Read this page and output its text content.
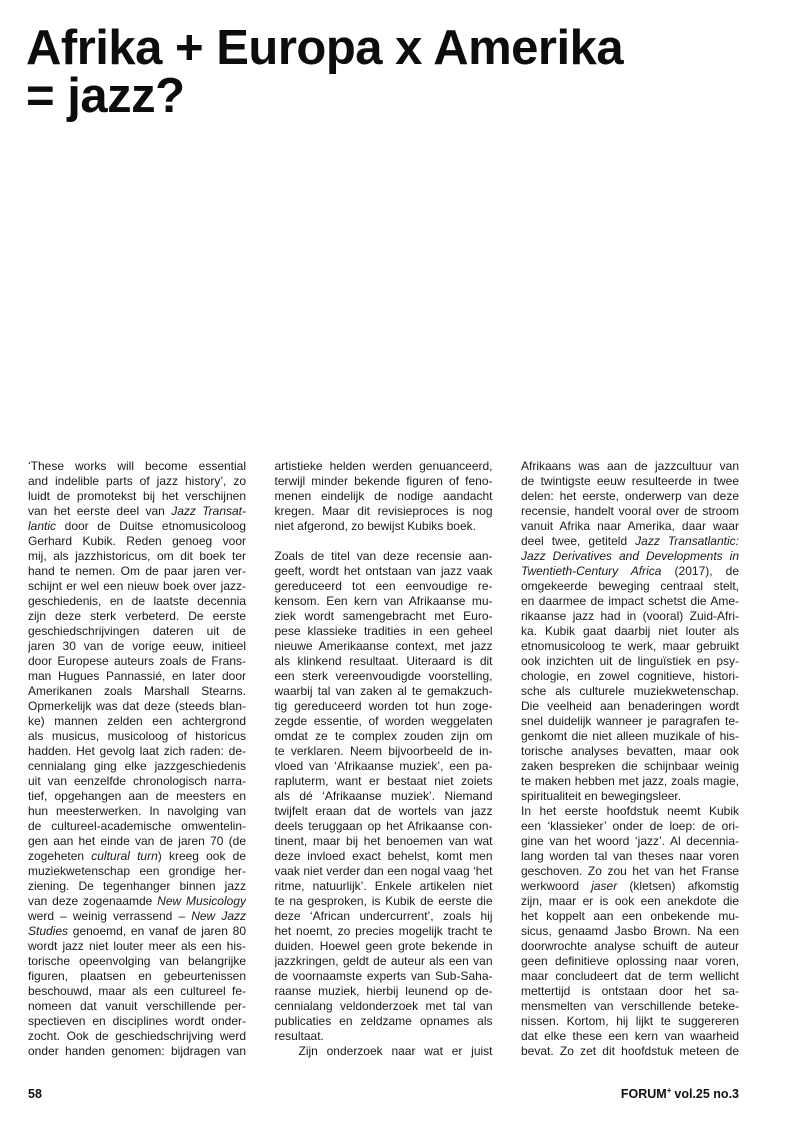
Afrika + Europa x Amerika
= jazz?
‘These works will become essential
and indelible parts of jazz history’, zo
luidt de promotekst bij het verschijnen
van het eerste deel van Jazz Transat-
lantic door de Duitse etnomusicoloog
Gerhard Kubik. Reden genoeg voor
mij, als jazzhistoricus, om dit boek ter
hand te nemen. Om de paar jaren ver-
schijnt er wel een nieuw boek over jazz-
geschiedenis, en de laatste decennia
zijn deze sterk verbeterd. De eerste
geschiedschrijvingen dateren uit de
jaren 30 van de vorige eeuw, initieel
door Europese auteurs zoals de Frans-
man Hugues Pannassié, en later door
Amerikanen zoals Marshall Stearns.
Opmerkelijk was dat deze (steeds blan-
ke) mannen zelden een achtergrond
als musicus, musicoloog of historicus
hadden. Het gevolg laat zich raden: de-
cennialang ging elke jazzgeschiedenis
uit van eenzelfde chronologisch narra-
tief, opgehangen aan de meesters en
hun meesterwerken. In navolging van
de cultureel-academische omwentelin-
gen aan het einde van de jaren 70 (de
zogeheten cultural turn) kreeg ook de
muziekwetenschap een grondige her-
ziening. De tegenhanger binnen jazz
van deze zogenaamde New Musicology
werd – weinig verrassend – New Jazz
Studies genoemd, en vanaf de jaren 80
wordt jazz niet louter meer als een his-
torische opeenvolging van belangrijke
figuren, plaatsen en gebeurtenissen
beschouwd, maar als een cultureel fe-
nomeen dat vanuit verschillende per-
spectieven en disciplines wordt onder-
zocht. Ook de geschiedschrijving werd
onder handen genomen: bijdragen van
artistieke helden werden genuanceerd,
terwijl minder bekende figuren of feno-
menen eindelijk de nodige aandacht
kregen. Maar dit revisieproces is nog
niet afgerond, zo bewijst Kubiks boek.
Zoals de titel van deze recensie aan-
geeft, wordt het ontstaan van jazz vaak
gereduceerd tot een eenvoudige re-
kensom. Een kern van Afrikaanse mu-
ziek wordt samengebracht met Euro-
pese klassieke tradities in een geheel
nieuwe Amerikaanse context, met jazz
als klinkend resultaat. Uiteraard is dit
een sterk vereenvoudigde voorstelling,
waarbij tal van zaken al te gemakzuch-
tig gereduceerd worden tot hun zoge-
zegde essentie, of worden weggelaten
omdat ze te complex zouden zijn om
te verklaren. Neem bijvoorbeeld de in-
vloed van ‘Afrikaanse muziek’, een pa-
rapluterm, want er bestaat niet zoiets
als dé ‘Afrikaanse muziek’. Niemand
twijfelt eraan dat de wortels van jazz
deels teruggaan op het Afrikaanse con-
tinent, maar bij het benoemen van wat
deze invloed exact behelst, komt men
vaak niet verder dan een nogal vaag ‘het
ritme, natuurlijk’. Enkele artikelen niet
te na gesproken, is Kubik de eerste die
deze ‘African undercurrent’, zoals hij
het noemt, zo precies mogelijk tracht te
duiden. Hoewel geen grote bekende in
jazzkringen, geldt de auteur als een van
de voornaamste experts van Sub-Saha-
raanse muziek, hierbij leunend op de-
cennialang veldonderzoek met tal van
publicaties en zeldzame opnames als
resultaat.
Zijn onderzoek naar wat er juist
Afrikaans was aan de jazzcultuur van
de twintigste eeuw resulteerde in twee
delen: het eerste, onderwerp van deze
recensie, handelt vooral over de stroom
vanuit Afrika naar Amerika, daar waar
deel twee, getiteld Jazz Transatlantic:
Jazz Derivatives and Developments in
Twentieth-Century Africa (2017), de
omgekeerde beweging centraal stelt,
en daarmee de impact schetst die Ame-
rikaanse jazz had in (vooral) Zuid-Afri-
ka. Kubik gaat daarbij niet louter als
etnomusicoloog te werk, maar gebruikt
ook inzichten uit de linguïstiek en psy-
chologie, en zowel cognitieve, histori-
sche als culturele muziekwetenschap.
Die veelheid aan benaderingen wordt
snel duidelijk wanneer je paragrafen te-
genkomt die niet alleen muzikale of his-
torische analyses bevatten, maar ook
zaken bespreken die schijnbaar weinig
te maken hebben met jazz, zoals magie,
spiritualiteit en bewegingsleer.
In het eerste hoofdstuk neemt Kubik
een ‘klassieker’ onder de loep: de ori-
gine van het woord ‘jazz’. Al decennia-
lang worden tal van theses naar voren
geschoven. Zo zou het van het Franse
werkwoord jaser (kletsen) afkomstig
zijn, maar er is ook een anekdote die
het koppelt aan een onbekende mu-
sicus, genaamd Jasbo Brown. Na een
doorwrochte analyse schuift de auteur
geen definitieve oplossing naar voren,
maar concludeert dat de term wellicht
mettertijd is ontstaan door het sa-
mensmelten van verschillende beteke-
nissen. Kortom, hij lijkt te suggereren
dat elke these een kern van waarheid
bevat. Zo zet dit hoofdstuk meteen de
58	FORUM+ vol.25 no.3
